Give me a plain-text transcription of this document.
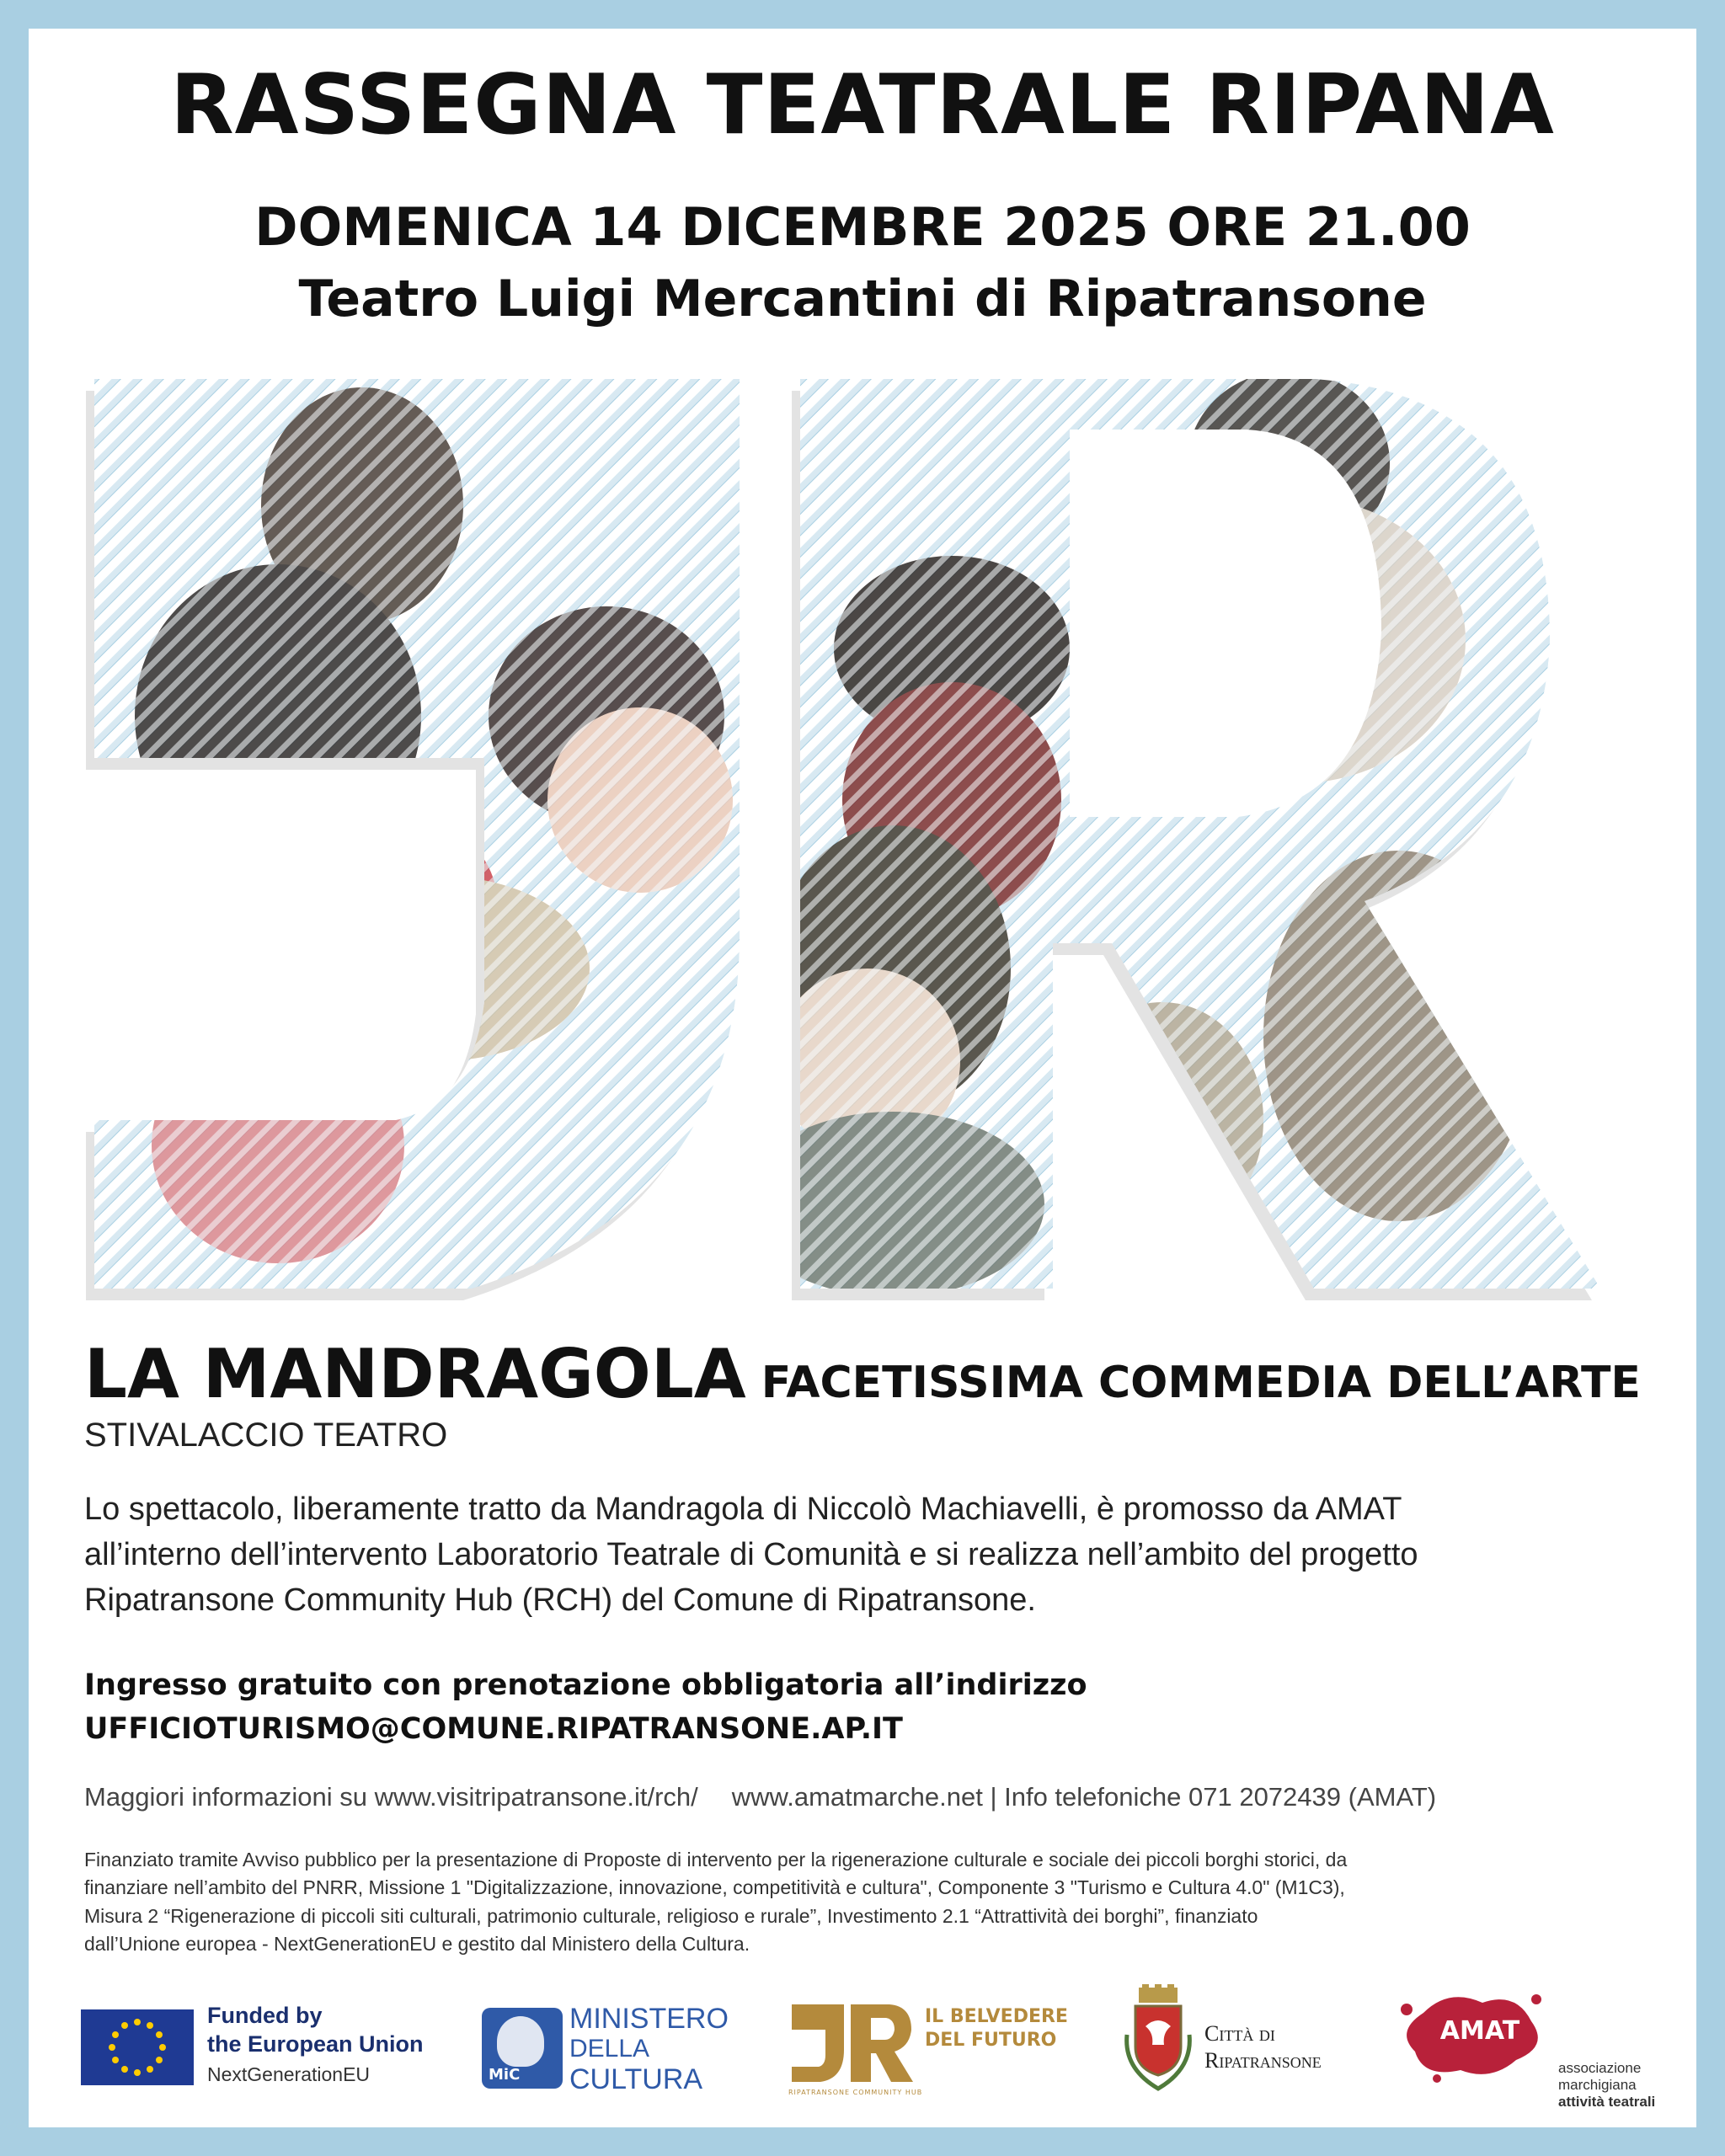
RASSEGNA TEATRALE RIPANA
DOMENICA 14 DICEMBRE 2025 ORE 21.00
Teatro Luigi Mercantini di Ripatransone
LA MANDRAGOLA FACETISSIMA COMMEDIA DELL’ARTE
STIVALACCIO TEATRO
Lo spettacolo, liberamente tratto da Mandragola di Niccolò Machiavelli, è promosso da AMAT
all’interno dell’intervento Laboratorio Teatrale di Comunità e si realizza nell’ambito del progetto
Ripatransone Community Hub (RCH) del Comune di Ripatransone.
Ingresso gratuito con prenotazione obbligatoria all’indirizzo
UFFICIOTURISMO@COMUNE.RIPATRANSONE.AP.IT
Maggiori informazioni su www.visitripatransone.it/rch/ www.amatmarche.net | Info telefoniche 071 2072439 (AMAT)
Finanziato tramite Avviso pubblico per la presentazione di Proposte di intervento per la rigenerazione culturale e sociale dei piccoli borghi storici, da
finanziare nell’ambito del PNRR, Missione 1 "Digitalizzazione, innovazione, competitività e cultura", Componente 3 "Turismo e Cultura 4.0" (M1C3),
Misura 2 “Rigenerazione di piccoli siti culturali, patrimonio culturale, religioso e rurale”, Investimento 2.1 “Attrattività dei borghi”, finanziato
dall’Unione europea - NextGenerationEU e gestito dal Ministero della Cultura.
Funded by
the European Union
NextGenerationEU	MiC
MINISTERO
DELLA
CULTURA
IL BELVEDERE
DEL FUTURO
RIPATRANSONE COMMUNITY HUB
Città di
Ripatransone
AMAT
associazione
marchigiana
attività teatrali
